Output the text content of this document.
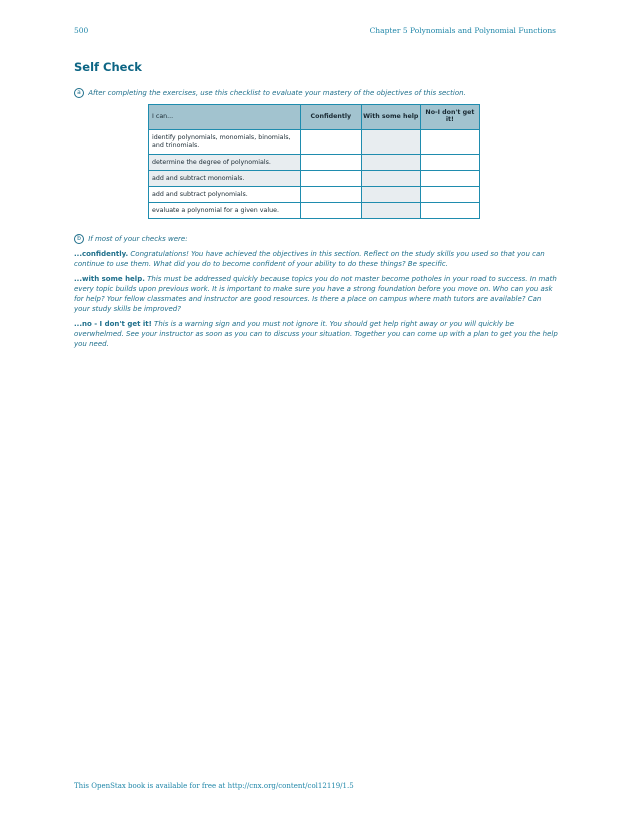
500	Chapter 5 Polynomials and Polynomial Functions
Self Check
a After completing the exercises, use this checklist to evaluate your mastery of the objectives of this section.
I can...	Confidently	With some help	No-I don't get it!
identify polynomials, monomials, binomials, and trinomials.			
determine the degree of polynomials.			
add and subtract monomials.			
add and subtract polynomials.			
evaluate a polynomial for a given value.			
b If most of your checks were:

...confidently. Congratulations! You have achieved the objectives in this section. Reflect on the study skills you used so that you can continue to use them. What did you do to become confident of your ability to do these things? Be specific.

...with some help. This must be addressed quickly because topics you do not master become potholes in your road to success. In math every topic builds upon previous work. It is important to make sure you have a strong foundation before you move on. Who can you ask for help? Your fellow classmates and instructor are good resources. Is there a place on campus where math tutors are available? Can your study skills be improved?

...no - I don't get it! This is a warning sign and you must not ignore it. You should get help right away or you will quickly be overwhelmed. See your instructor as soon as you can to discuss your situation. Together you can come up with a plan to get you the help you need.

This OpenStax book is available for free at http://cnx.org/content/col12119/1.5
